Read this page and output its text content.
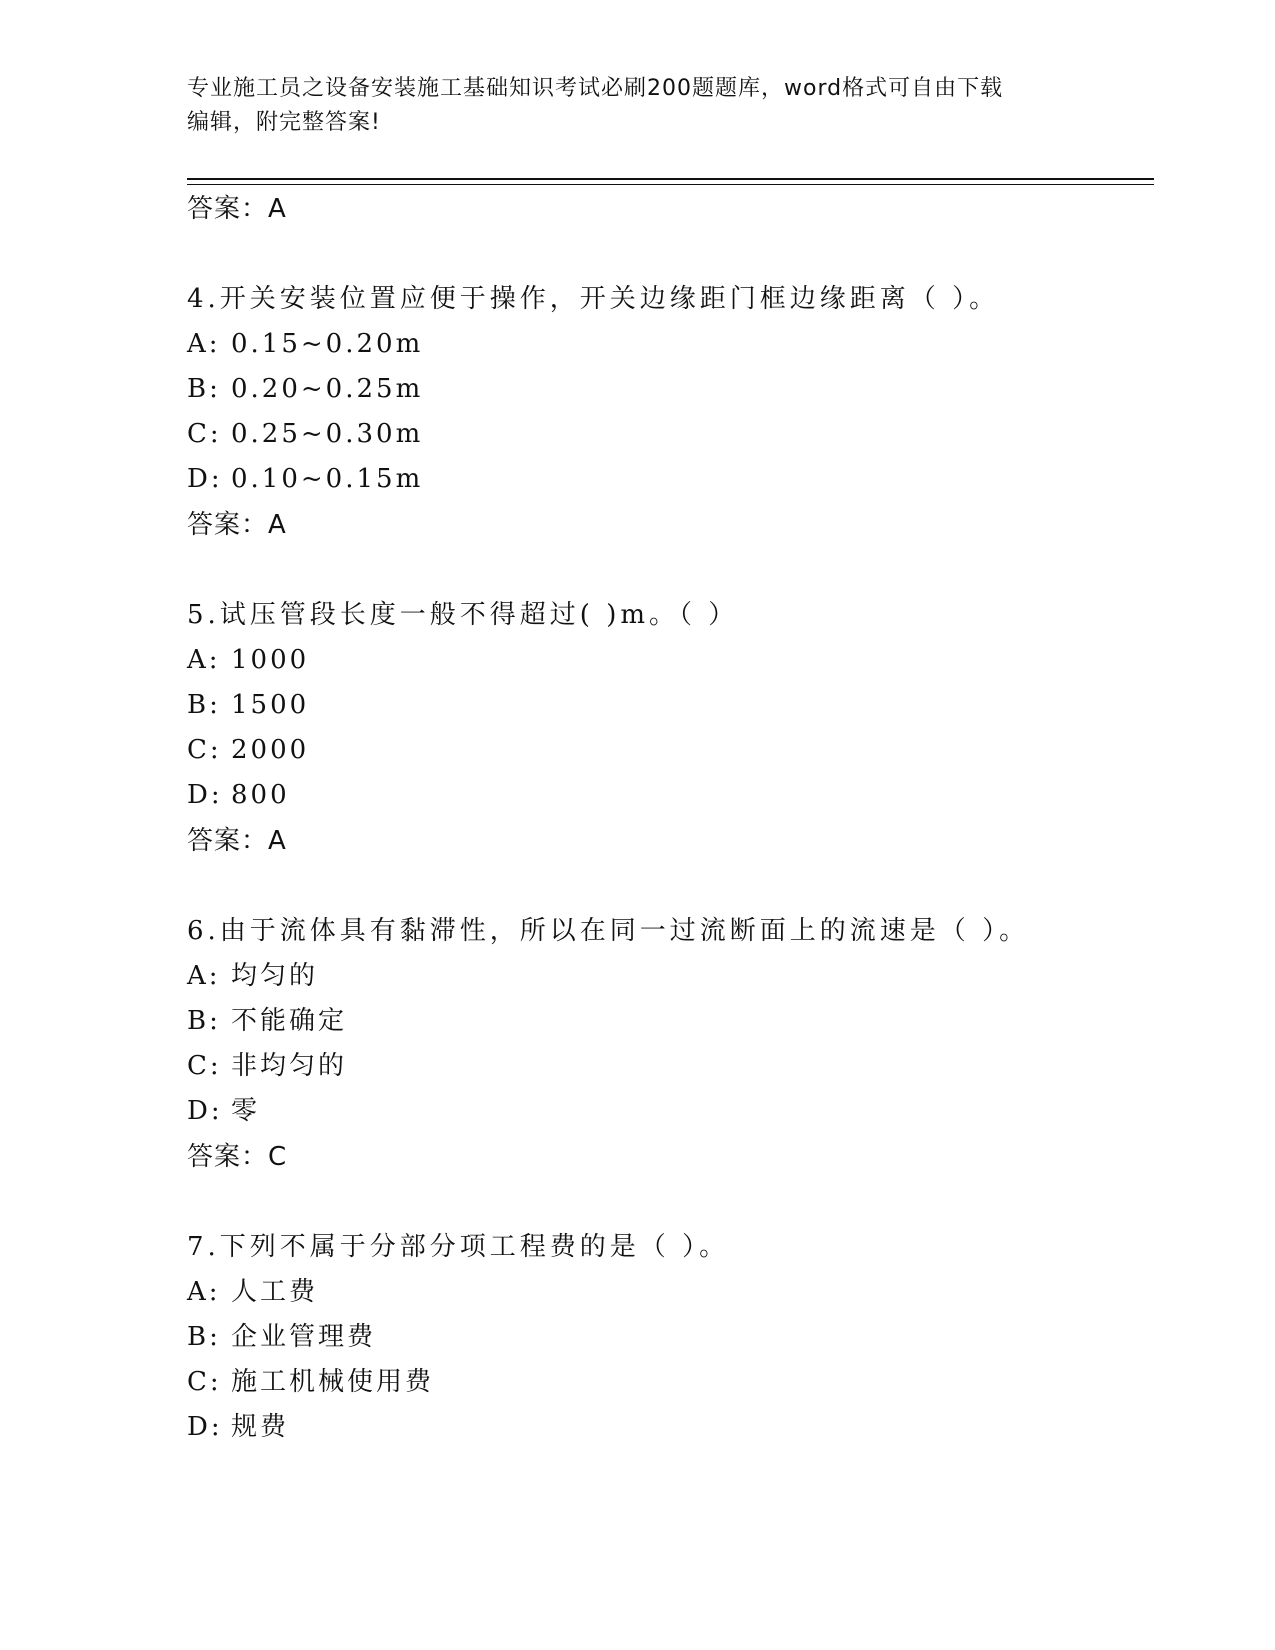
专业施工员之设备安装施工基础知识考试必刷200题题库，word格式可自由下载
编辑，附完整答案!
答案：A
4.开关安装位置应便于操作，开关边缘距门框边缘距离（ ）。
A: 0.15~0.20m
B: 0.20~0.25m
C: 0.25~0.30m
D: 0.10~0.15m
答案：A
5.试压管段长度一般不得超过( )m。（ ）
A: 1000
B: 1500
C: 2000
D: 800
答案：A
6.由于流体具有黏滞性，所以在同一过流断面上的流速是（ ）。
A: 均匀的
B: 不能确定
C: 非均匀的
D: 零
答案：C
7.下列不属于分部分项工程费的是（ ）。
A: 人工费
B: 企业管理费
C: 施工机械使用费
D: 规费
